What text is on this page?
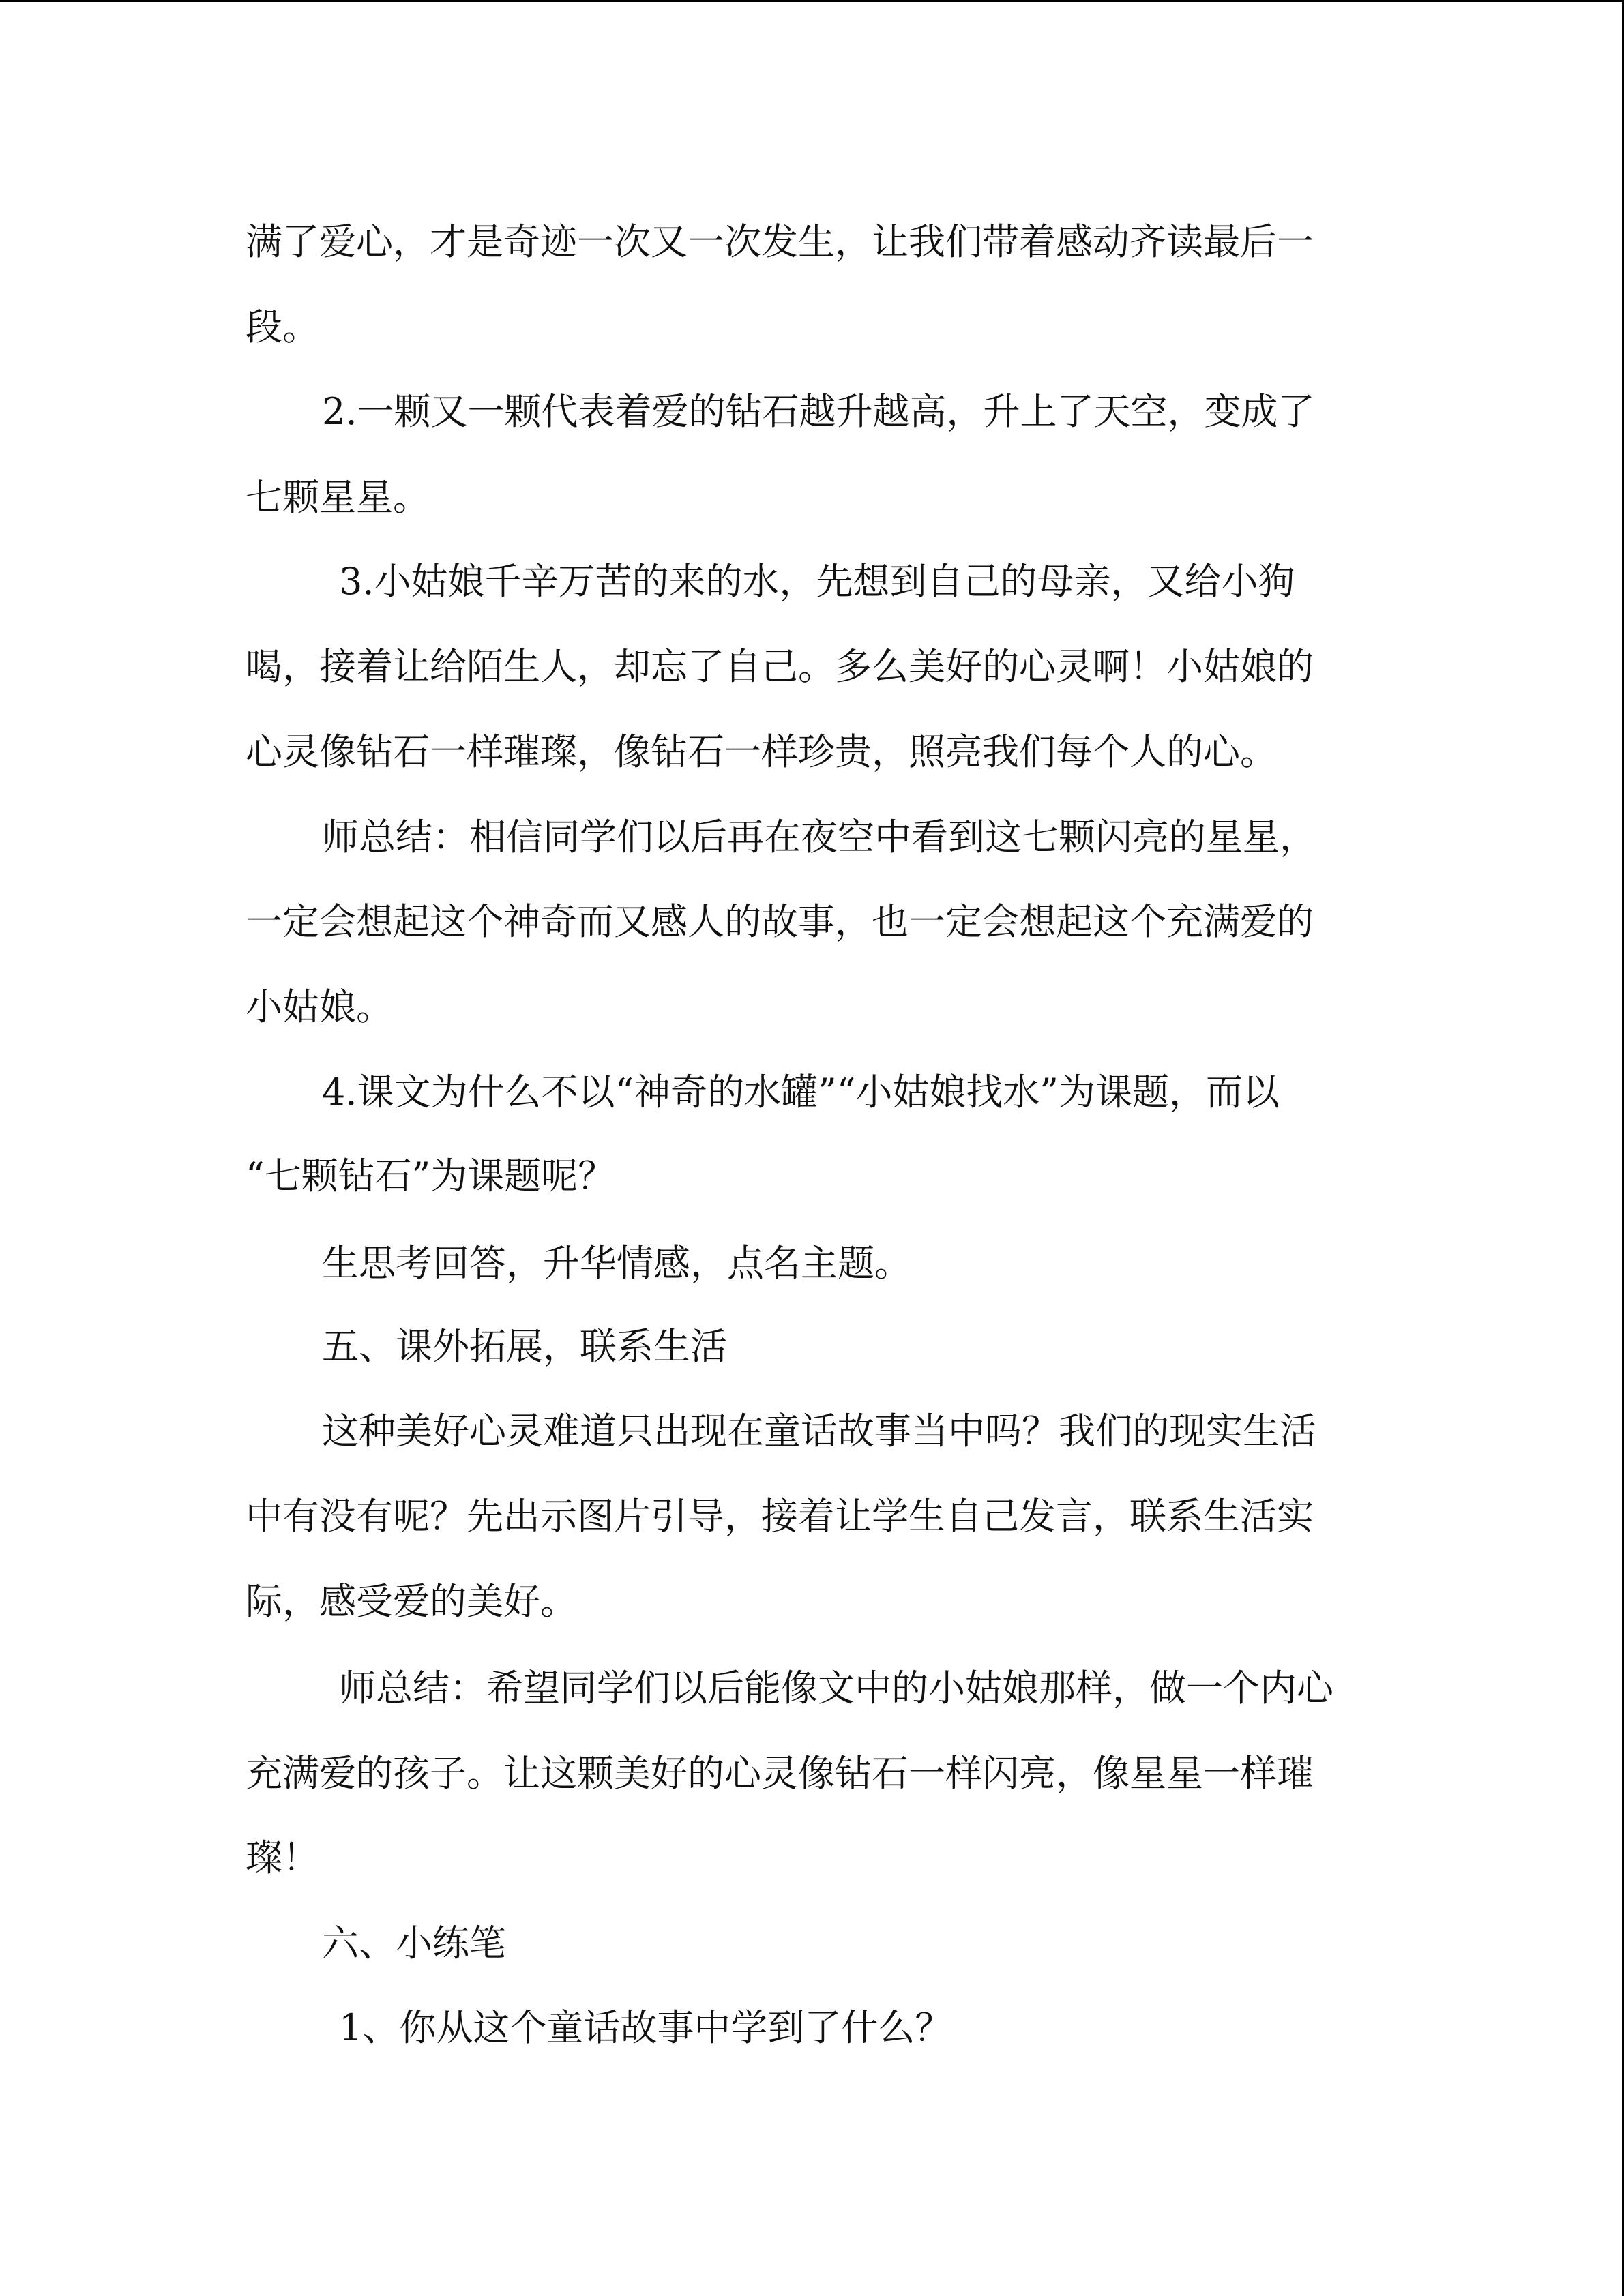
满了爱心，才是奇迹一次又一次发生，让我们带着感动齐读最后一

段。

2.一颗又一颗代表着爱的钻石越升越高，升上了天空，变成了

七颗星星。

3.小姑娘千辛万苦的来的水，先想到自己的母亲，又给小狗

喝，接着让给陌生人，却忘了自己。多么美好的心灵啊！小姑娘的

心灵像钻石一样璀璨，像钻石一样珍贵，照亮我们每个人的心。

师总结：相信同学们以后再在夜空中看到这七颗闪亮的星星，

一定会想起这个神奇而又感人的故事，也一定会想起这个充满爱的

小姑娘。

4.课文为什么不以“神奇的水罐”“小姑娘找水”为课题，而以

“七颗钻石”为课题呢？

生思考回答，升华情感，点名主题。

五、课外拓展，联系生活

这种美好心灵难道只出现在童话故事当中吗？我们的现实生活

中有没有呢？先出示图片引导，接着让学生自己发言，联系生活实

际，感受爱的美好。

师总结：希望同学们以后能像文中的小姑娘那样，做一个内心

充满爱的孩子。让这颗美好的心灵像钻石一样闪亮，像星星一样璀

璨！

六、小练笔

1、你从这个童话故事中学到了什么？
